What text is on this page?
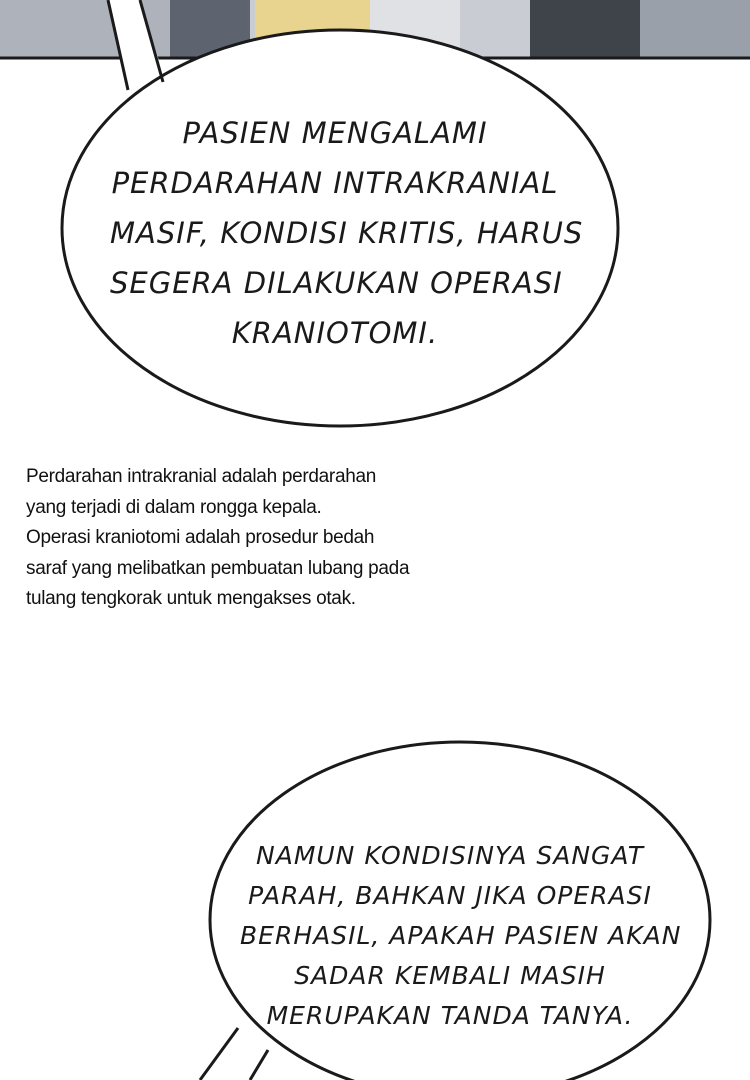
PASIEN MENGALAMI
PERDARAHAN INTRAKRANIAL
MASIF, KONDISI KRITIS, HARUS
SEGERA DILAKUKAN OPERASI
KRANIOTOMI.
Perdarahan intrakranial adalah perdarahan
yang terjadi di dalam rongga kepala.
Operasi kraniotomi adalah prosedur bedah
saraf yang melibatkan pembuatan lubang pada
tulang tengkorak untuk mengakses otak.
NAMUN KONDISINYA SANGAT
PARAH, BAHKAN JIKA OPERASI
BERHASIL, APAKAH PASIEN AKAN
SADAR KEMBALI MASIH
MERUPAKAN TANDA TANYA.
